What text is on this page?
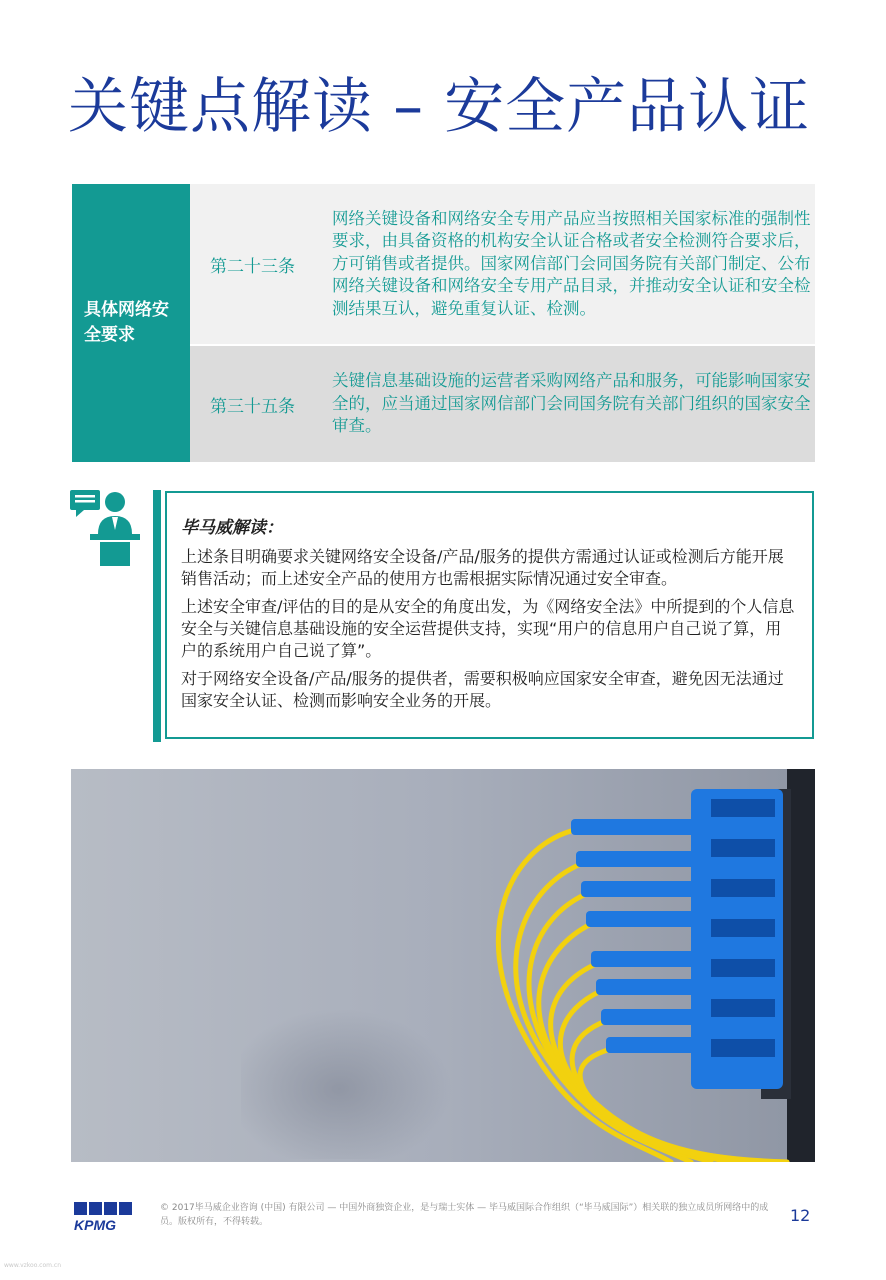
关键点解读 – 安全产品认证
具体网络安全要求
第二十三条
网络关键设备和网络安全专用产品应当按照相关国家标准的强制性要求，由具备资格的机构安全认证合格或者安全检测符合要求后，方可销售或者提供。国家网信部门会同国务院有关部门制定、公布网络关键设备和网络安全专用产品目录，并推动安全认证和安全检测结果互认，避免重复认证、检测。
第三十五条
关键信息基础设施的运营者采购网络产品和服务，可能影响国家安全的，应当通过国家网信部门会同国务院有关部门组织的国家安全审查。
毕马威解读：

上述条目明确要求关键网络安全设备/产品/服务的提供方需通过认证或检测后方能开展销售活动；而上述安全产品的使用方也需根据实际情况通过安全审查。

上述安全审查/评估的目的是从安全的角度出发，为《网络安全法》中所提到的个人信息安全与关键信息基础设施的安全运营提供支持，实现“用户的信息用户自己说了算，用户的系统用户自己说了算”。

对于网络安全设备/产品/服务的提供者，需要积极响应国家安全审查，避免因无法通过国家安全认证、检测而影响安全业务的开展。

KPMG
© 2017毕马威企业咨询 (中国) 有限公司 — 中国外商独资企业，是与瑞士实体 — 毕马威国际合作组织（“毕马威国际”）相关联的独立成员所网络中的成员。版权所有，不得转载。	12
www.vzkoo.com.cn
